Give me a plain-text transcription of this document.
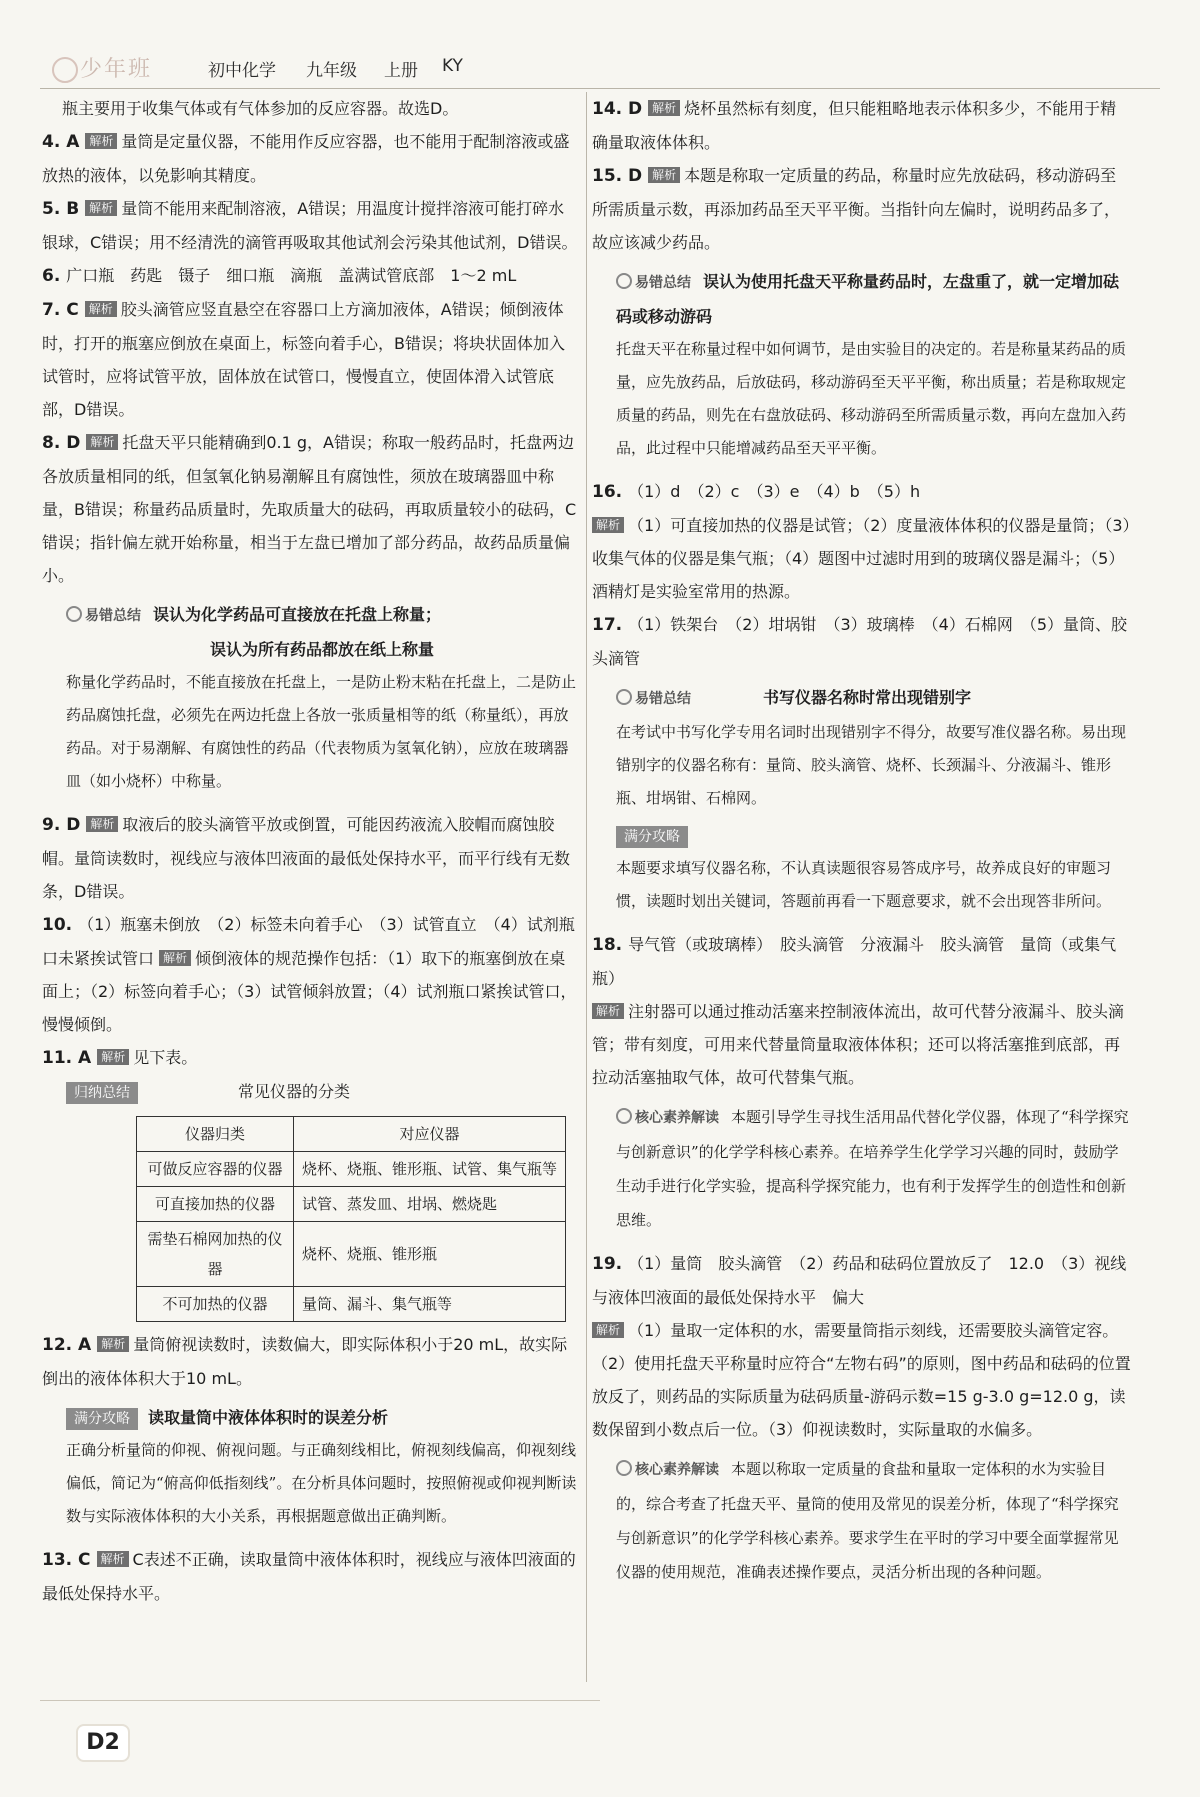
少年班	初中化学 九年级 上册 KY

瓶主要用于收集气体或有气体参加的反应容器。故选D。

4. A 解析 量筒是定量仪器，不能用作反应容器，也不能用于配制溶液或盛放热的液体，以免影响其精度。

5. B 解析 量筒不能用来配制溶液，A错误；用温度计搅拌溶液可能打碎水银球，C错误；用不经清洗的滴管再吸取其他试剂会污染其他试剂，D错误。

6. 广口瓶　药匙　镊子　细口瓶　滴瓶　盖满试管底部　1～2 mL

7. C 解析 胶头滴管应竖直悬空在容器口上方滴加液体，A错误；倾倒液体时，打开的瓶塞应倒放在桌面上，标签向着手心，B错误；将块状固体加入试管时，应将试管平放，固体放在试管口，慢慢直立，使固体滑入试管底部，D错误。

8. D 解析 托盘天平只能精确到0.1 g，A错误；称取一般药品时，托盘两边各放质量相同的纸，但氢氧化钠易潮解且有腐蚀性，须放在玻璃器皿中称量，B错误；称量药品质量时，先取质量大的砝码，再取质量较小的砝码，C错误；指针偏左就开始称量，相当于左盘已增加了部分药品，故药品质量偏小。

易错总结 误认为化学药品可直接放在托盘上称量；
误认为所有药品都放在纸上称量
称量化学药品时，不能直接放在托盘上，一是防止粉末粘在托盘上，二是防止药品腐蚀托盘，必须先在两边托盘上各放一张质量相等的纸（称量纸），再放药品。对于易潮解、有腐蚀性的药品（代表物质为氢氧化钠），应放在玻璃器皿（如小烧杯）中称量。

9. D 解析 取液后的胶头滴管平放或倒置，可能因药液流入胶帽而腐蚀胶帽。量筒读数时，视线应与液体凹液面的最低处保持水平，而平行线有无数条，D错误。

10. （1）瓶塞未倒放　（2）标签未向着手心　（3）试管直立　（4）试剂瓶口未紧挨试管口 解析 倾倒液体的规范操作包括：（1）取下的瓶塞倒放在桌面上；（2）标签向着手心；（3）试管倾斜放置；（4）试剂瓶口紧挨试管口，慢慢倾倒。

11. A 解析 见下表。

归纳总结	常见仪器的分类
仪器归类	对应仪器
可做反应容器的仪器	烧杯、烧瓶、锥形瓶、试管、集气瓶等
可直接加热的仪器	试管、蒸发皿、坩埚、燃烧匙
需垫石棉网加热的仪器	烧杯、烧瓶、锥形瓶
不可加热的仪器	量筒、漏斗、集气瓶等

12. A 解析 量筒俯视读数时，读数偏大，即实际体积小于20 mL，故实际倒出的液体体积大于10 mL。

满分攻略 读取量筒中液体体积时的误差分析
正确分析量筒的仰视、俯视问题。与正确刻线相比，俯视刻线偏高，仰视刻线偏低，简记为“俯高仰低指刻线”。在分析具体问题时，按照俯视或仰视判断读数与实际液体体积的大小关系，再根据题意做出正确判断。

13. C 解析 C表述不正确，读取量筒中液体体积时，视线应与液体凹液面的最低处保持水平。

14. D 解析 烧杯虽然标有刻度，但只能粗略地表示体积多少，不能用于精确量取液体体积。

15. D 解析 本题是称取一定质量的药品，称量时应先放砝码，移动游码至所需质量示数，再添加药品至天平平衡。当指针向左偏时，说明药品多了，故应该减少药品。

易错总结 误认为使用托盘天平称量药品时，左盘重了，就一定增加砝码或移动游码
托盘天平在称量过程中如何调节，是由实验目的决定的。若是称量某药品的质量，应先放药品，后放砝码，移动游码至天平平衡，称出质量；若是称取规定质量的药品，则先在右盘放砝码、移动游码至所需质量示数，再向左盘加入药品，此过程中只能增减药品至天平平衡。

16. （1）d　（2）c　（3）e　（4）b　（5）h

解析 （1）可直接加热的仪器是试管；（2）度量液体体积的仪器是量筒；（3）收集气体的仪器是集气瓶；（4）题图中过滤时用到的玻璃仪器是漏斗；（5）酒精灯是实验室常用的热源。

17. （1）铁架台　（2）坩埚钳　（3）玻璃棒　（4）石棉网　（5）量筒、胶头滴管

易错总结	书写仪器名称时常出现错别字
在考试中书写化学专用名词时出现错别字不得分，故要写准仪器名称。易出现错别字的仪器名称有：量筒、胶头滴管、烧杯、长颈漏斗、分液漏斗、锥形瓶、坩埚钳、石棉网。
满分攻略
本题要求填写仪器名称，不认真读题很容易答成序号，故养成良好的审题习惯，读题时划出关键词，答题前再看一下题意要求，就不会出现答非所问。

18. 导气管（或玻璃棒）　胶头滴管　分液漏斗　胶头滴管　量筒（或集气瓶）

解析 注射器可以通过推动活塞来控制液体流出，故可代替分液漏斗、胶头滴管；带有刻度，可用来代替量筒量取液体体积；还可以将活塞推到底部，再拉动活塞抽取气体，故可代替集气瓶。

核心素养解读 本题引导学生寻找生活用品代替化学仪器，体现了“科学探究与创新意识”的化学学科核心素养。在培养学生化学学习兴趣的同时，鼓励学生动手进行化学实验，提高科学探究能力，也有利于发挥学生的创造性和创新思维。

19. （1）量筒　胶头滴管　（2）药品和砝码位置放反了　12.0　（3）视线与液体凹液面的最低处保持水平　偏大

解析 （1）量取一定体积的水，需要量筒指示刻线，还需要胶头滴管定容。（2）使用托盘天平称量时应符合“左物右码”的原则，图中药品和砝码的位置放反了，则药品的实际质量为砝码质量-游码示数=15 g-3.0 g=12.0 g，读数保留到小数点后一位。（3）仰视读数时，实际量取的水偏多。

核心素养解读 本题以称取一定质量的食盐和量取一定体积的水为实验目的，综合考查了托盘天平、量筒的使用及常见的误差分析，体现了“科学探究与创新意识”的化学学科核心素养。要求学生在平时的学习中要全面掌握常见仪器的使用规范，准确表述操作要点，灵活分析出现的各种问题。
D2
